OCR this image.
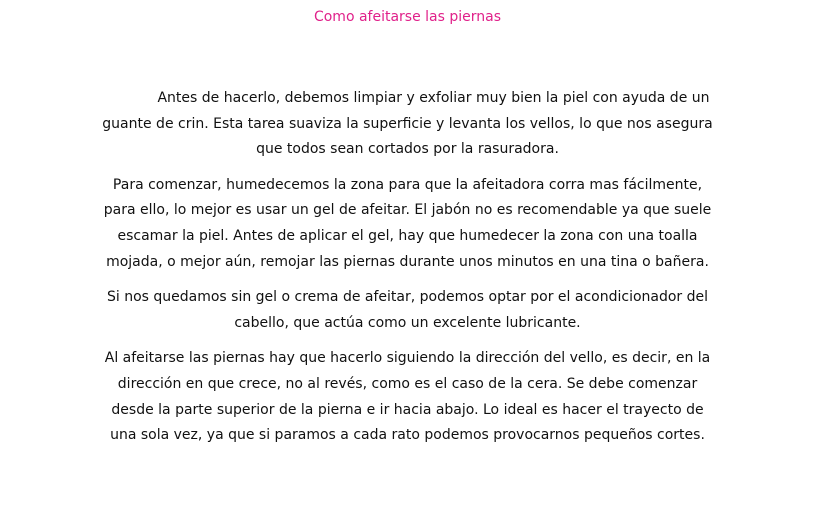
Como afeitarse las piernas

Antes de hacerlo, debemos limpiar y exfoliar muy bien la piel con ayuda de un guante de crin. Esta tarea suaviza la superficie y levanta los vellos, lo que nos asegura que todos sean cortados por la rasuradora.

Para comenzar, humedecemos la zona para que la afeitadora corra mas fácilmente, para ello, lo mejor es usar un gel de afeitar. El jabón no es recomendable ya que suele escamar la piel. Antes de aplicar el gel, hay que humedecer la zona con una toalla mojada, o mejor aún, remojar las piernas durante unos minutos en una tina o bañera.

Si nos quedamos sin gel o crema de afeitar, podemos optar por el acondicionador del cabello, que actúa como un excelente lubricante.

Al afeitarse las piernas hay que hacerlo siguiendo la dirección del vello, es decir, en la dirección en que crece, no al revés, como es el caso de la cera. Se debe comenzar desde la parte superior de la pierna e ir hacia abajo. Lo ideal es hacer el trayecto de una sola vez, ya que si paramos a cada rato podemos provocarnos pequeños cortes.
